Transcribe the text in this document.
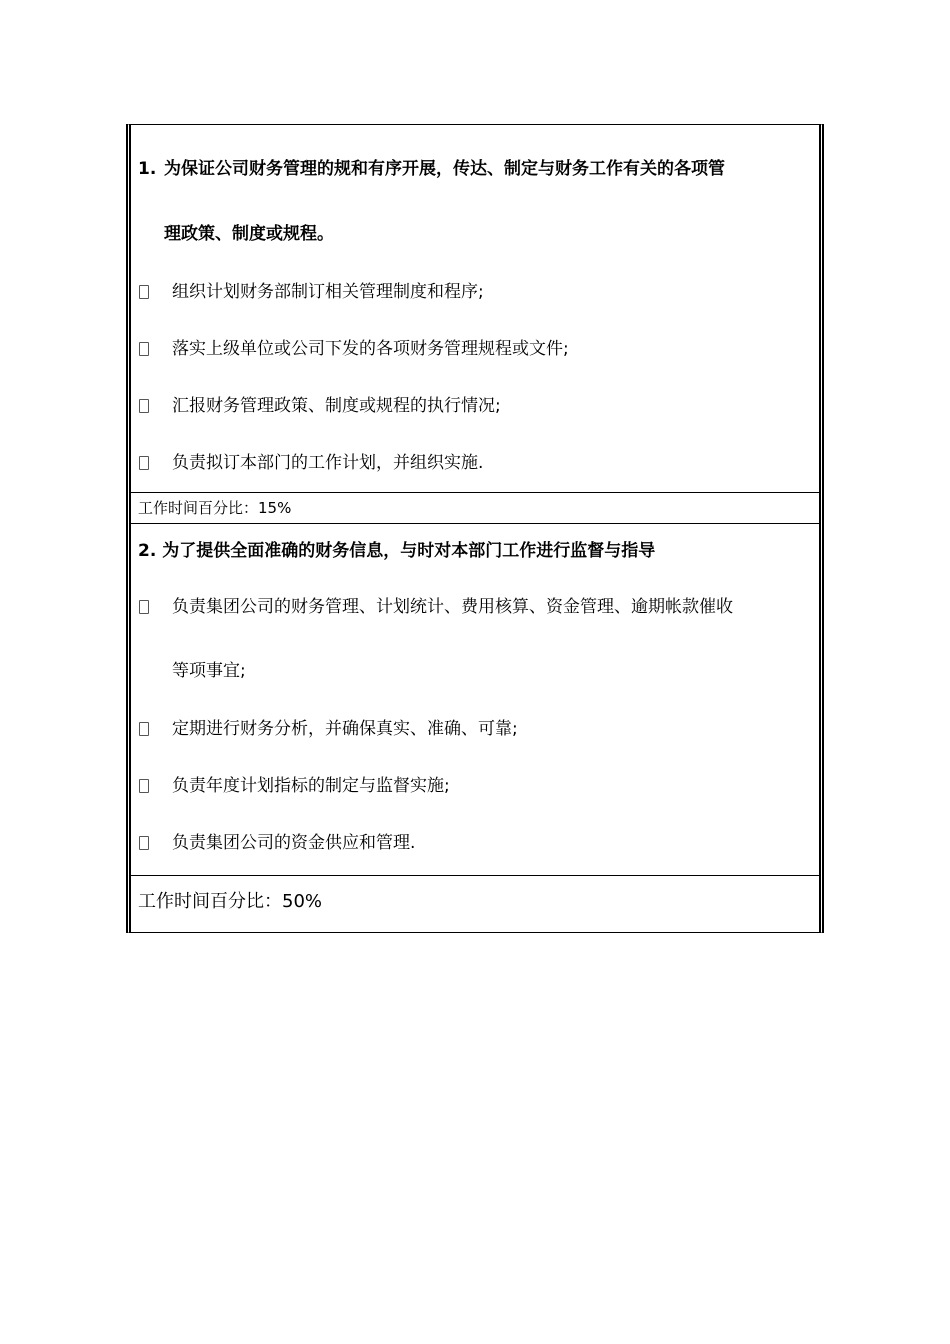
1. 为保证公司财务管理的规和有序开展，传达、制定与财务工作有关的各项管
理政策、制度或规程。
组织计划财务部制订相关管理制度和程序;
落实上级单位或公司下发的各项财务管理规程或文件;
汇报财务管理政策、制度或规程的执行情况;
负责拟订本部门的工作计划，并组织实施.
工作时间百分比：15%
2. 为了提供全面准确的财务信息，与时对本部门工作进行监督与指导
负责集团公司的财务管理、计划统计、费用核算、资金管理、逾期帐款催收
等项事宜;
定期进行财务分析，并确保真实、准确、可靠;
负责年度计划指标的制定与监督实施;
负责集团公司的资金供应和管理.
工作时间百分比：50%
